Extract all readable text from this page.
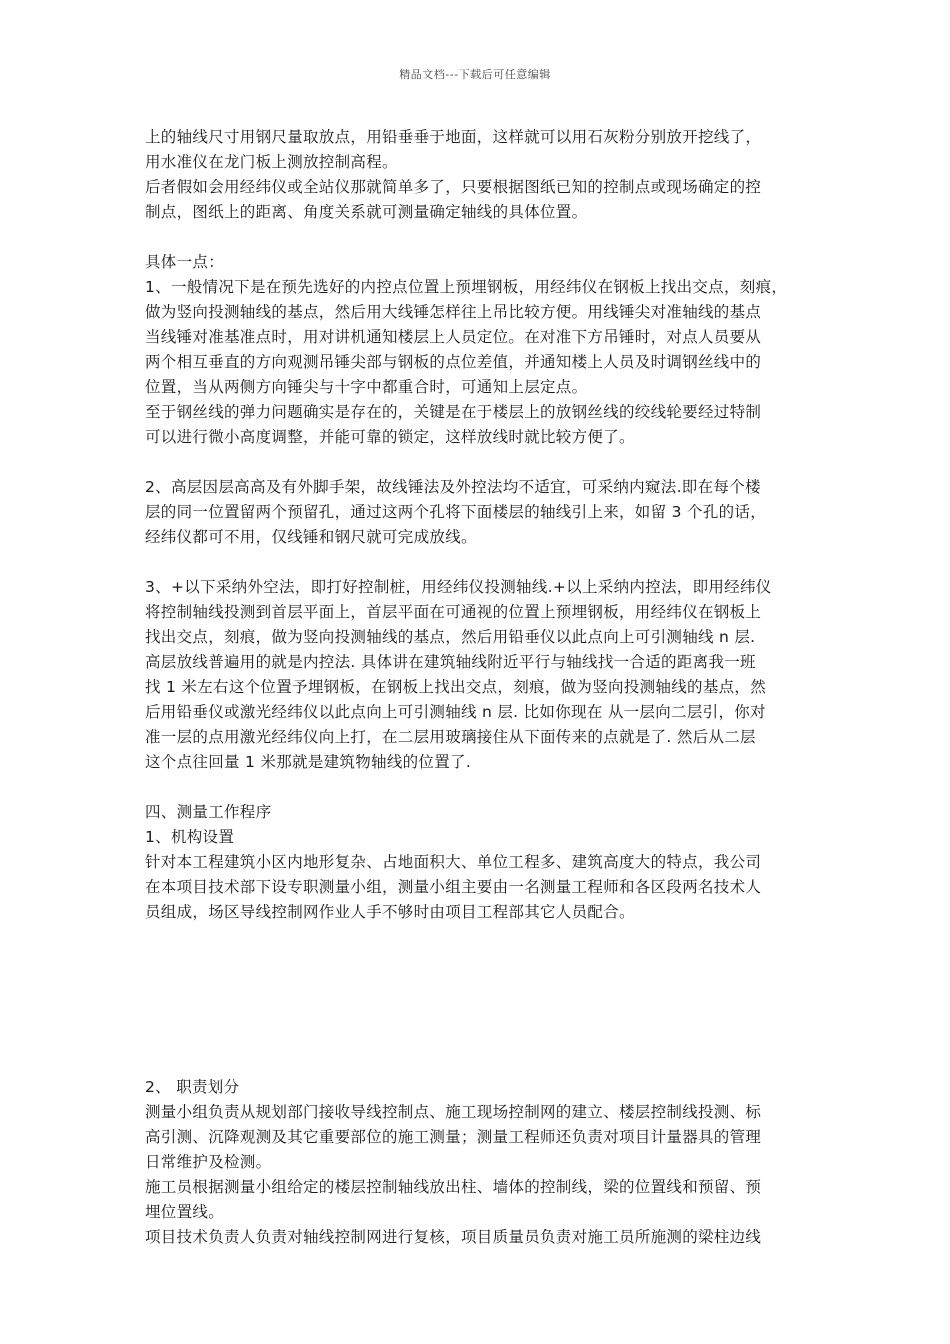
精品文档---下载后可任意编辑
上的轴线尺寸用钢尺量取放点，用铅垂垂于地面，这样就可以用石灰粉分别放开挖线了，
用水准仪在龙门板上测放控制高程。
后者假如会用经纬仪或全站仪那就简单多了，只要根据图纸已知的控制点或现场确定的控
制点，图纸上的距离、角度关系就可测量确定轴线的具体位置。
具体一点：
1、一般情况下是在预先选好的内控点位置上预埋钢板，用经纬仪在钢板上找出交点，刻痕，
做为竖向投测轴线的基点，然后用大线锤怎样往上吊比较方便。用线锤尖对准轴线的基点
当线锤对准基准点时，用对讲机通知楼层上人员定位。在对准下方吊锤时，对点人员要从
两个相互垂直的方向观测吊锤尖部与钢板的点位差值，并通知楼上人员及时调钢丝线中的
位置，当从两侧方向锤尖与十字中都重合时，可通知上层定点。
至于钢丝线的弹力问题确实是存在的，关键是在于楼层上的放钢丝线的绞线轮要经过特制
可以进行微小高度调整，并能可靠的锁定，这样放线时就比较方便了。
2、高层因层高高及有外脚手架，故线锤法及外控法均不适宜，可采纳内窥法.即在每个楼
层的同一位置留两个预留孔，通过这两个孔将下面楼层的轴线引上来，如留 3 个孔的话，
经纬仪都可不用，仅线锤和钢尺就可完成放线。
3、+以下采纳外空法，即打好控制桩，用经纬仪投测轴线.+以上采纳内控法，即用经纬仪
将控制轴线投测到首层平面上，首层平面在可通视的位置上预埋钢板，用经纬仪在钢板上
找出交点，刻痕，做为竖向投测轴线的基点，然后用铅垂仪以此点向上可引测轴线 n 层.
高层放线普遍用的就是内控法. 具体讲在建筑轴线附近平行与轴线找一合适的距离我一班
找 1 米左右这个位置予埋钢板，在钢板上找出交点，刻痕，做为竖向投测轴线的基点，然
后用铅垂仪或激光经纬仪以此点向上可引测轴线 n 层. 比如你现在 从一层向二层引，你对
准一层的点用激光经纬仪向上打，在二层用玻璃接住从下面传来的点就是了. 然后从二层
这个点往回量 1 米那就是建筑物轴线的位置了.
四、测量工作程序
1、机构设置
针对本工程建筑小区内地形复杂、占地面积大、单位工程多、建筑高度大的特点，我公司
在本项目技术部下设专职测量小组，测量小组主要由一名测量工程师和各区段两名技术人
员组成，场区导线控制网作业人手不够时由项目工程部其它人员配合。
2、 职责划分
测量小组负责从规划部门接收导线控制点、施工现场控制网的建立、楼层控制线投测、标
高引测、沉降观测及其它重要部位的施工测量；测量工程师还负责对项目计量器具的管理
日常维护及检测。
施工员根据测量小组给定的楼层控制轴线放出柱、墙体的控制线，梁的位置线和预留、预
埋位置线。
项目技术负责人负责对轴线控制网进行复核，项目质量员负责对施工员所施测的梁柱边线
